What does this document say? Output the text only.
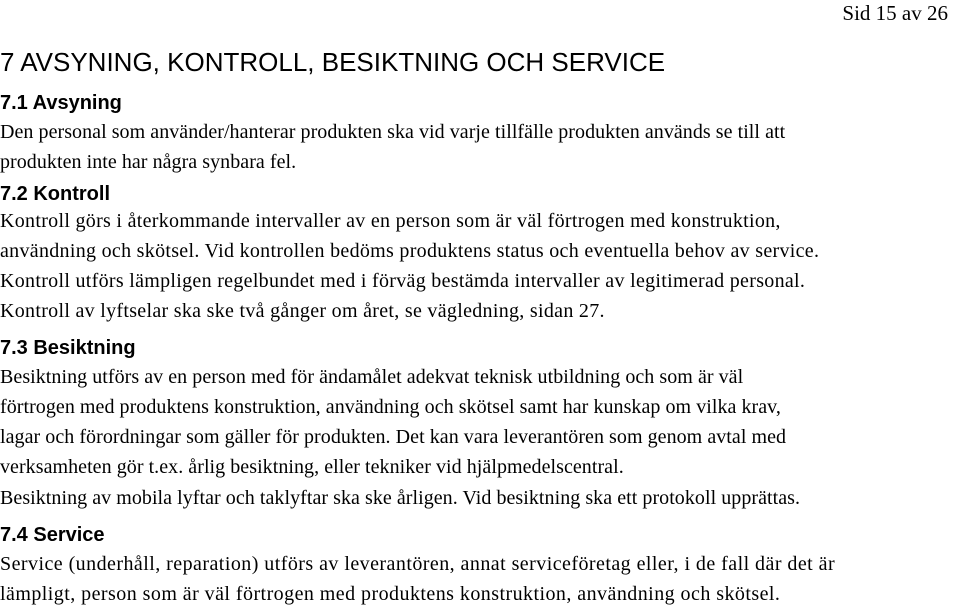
Sid 15 av 26
7 AVSYNING, KONTROLL, BESIKTNING OCH SERVICE
7.1 Avsyning

Den personal som använder/hanterar produkten ska vid varje tillfälle produkten används se till att
produkten inte har några synbara fel.

7.2 Kontroll

Kontroll görs i återkommande intervaller av en person som är väl förtrogen med konstruktion,
användning och skötsel. Vid kontrollen bedöms produktens status och eventuella behov av service.
Kontroll utförs lämpligen regelbundet med i förväg bestämda intervaller av legitimerad personal.
Kontroll av lyftselar ska ske två gånger om året, se vägledning, sidan 27.

7.3 Besiktning

Besiktning utförs av en person med för ändamålet adekvat teknisk utbildning och som är väl
förtrogen med produktens konstruktion, användning och skötsel samt har kunskap om vilka krav,
lagar och förordningar som gäller för produkten. Det kan vara leverantören som genom avtal med
verksamheten gör t.ex. årlig besiktning, eller tekniker vid hjälpmedelscentral.

Besiktning av mobila lyftar och taklyftar ska ske årligen. Vid besiktning ska ett protokoll upprättas.

7.4 Service

Service (underhåll, reparation) utförs av leverantören, annat serviceföretag eller, i de fall där det är
lämpligt, person som är väl förtrogen med produktens konstruktion, användning och skötsel.
